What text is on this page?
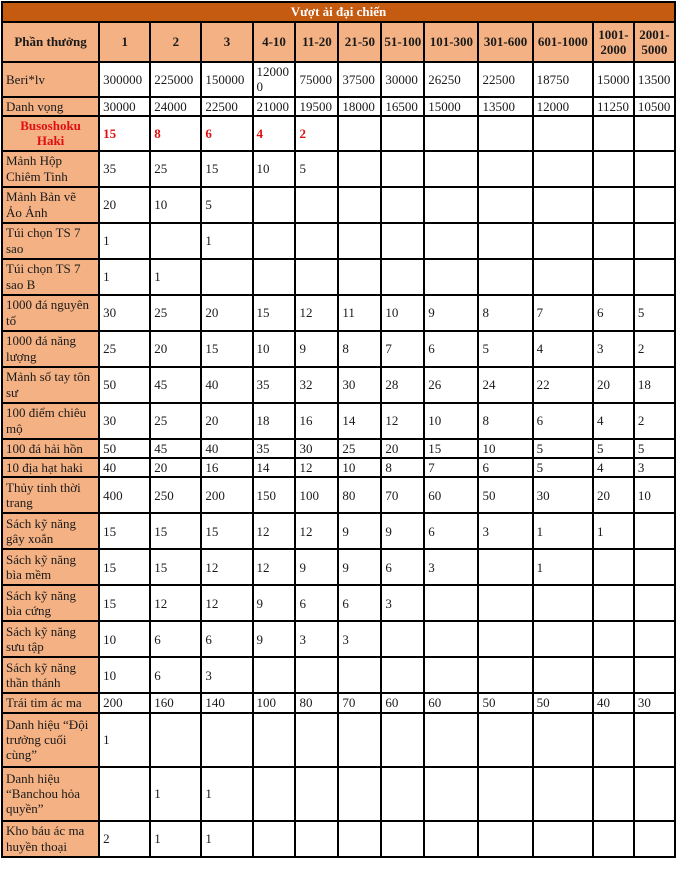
Vượt ải đại chiến												
Phần thưởng	1	2	3	4-10	11-20	21-50	51-100	101-300	301-600	601-1000	1001-2000	2001-5000
Beri*lv	300000	225000	150000	120000	75000	37500	30000	26250	22500	18750	15000	13500
Danh vọng	30000	24000	22500	21000	19500	18000	16500	15000	13500	12000	11250	10500
Busoshoku Haki	15	8	6	4	2							
Mảnh Hộp Chiêm Tinh	35	25	15	10	5							
Mảnh Bản vẽ Ảo Ảnh	20	10	5									
Túi chọn TS 7 sao	1		1									
Túi chọn TS 7 sao B	1	1										
1000 đá nguyên tố	30	25	20	15	12	11	10	9	8	7	6	5
1000 đá năng lượng	25	20	15	10	9	8	7	6	5	4	3	2
Mảnh số tay tôn sư	50	45	40	35	32	30	28	26	24	22	20	18
100 điểm chiêu mộ	30	25	20	18	16	14	12	10	8	6	4	2
100 đá hải hồn	50	45	40	35	30	25	20	15	10	5	5	5
10 địa hạt haki	40	20	16	14	12	10	8	7	6	5	4	3
Thủy tinh thời trang	400	250	200	150	100	80	70	60	50	30	20	10
Sách kỹ năng gây xoắn	15	15	15	12	12	9	9	6	3	1	1	
Sách kỹ năng bìa mềm	15	15	12	12	9	9	6	3		1		
Sách kỹ năng bìa cứng	15	12	12	9	6	6	3					
Sách kỹ năng sưu tập	10	6	6	9	3	3						
Sách kỹ năng thần thánh	10	6	3									
Trái tim ác ma	200	160	140	100	80	70	60	60	50	50	40	30
Danh hiệu “Đội trưởng cuối cùng”	1											
Danh hiệu “Banchou hỏa quyền”		1	1									
Kho báu ác ma huyền thoại	2	1	1									
